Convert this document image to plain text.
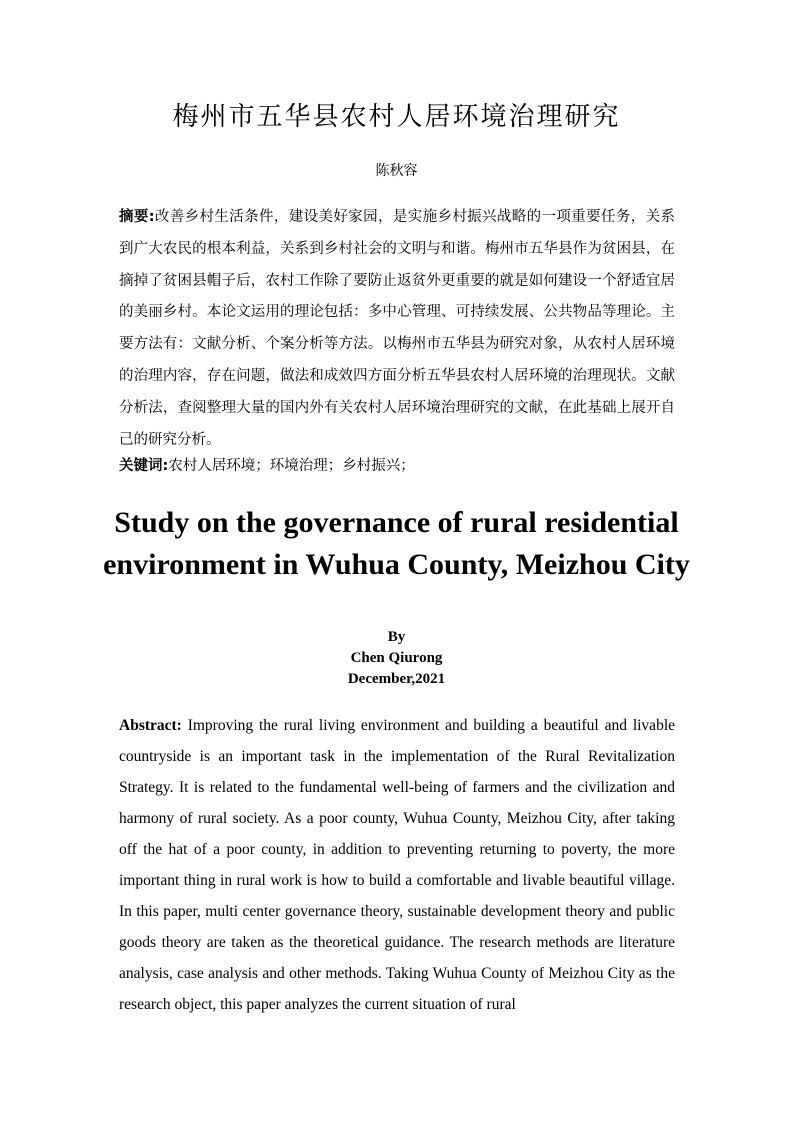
梅州市五华县农村人居环境治理研究
陈秋容

摘要:改善乡村生活条件，建设美好家园，是实施乡村振兴战略的一项重要任务，关系到广大农民的根本利益，关系到乡村社会的文明与和谐。梅州市五华县作为贫困县，在摘掉了贫困县帽子后，农村工作除了要防止返贫外更重要的就是如何建设一个舒适宜居的美丽乡村。本论文运用的理论包括：多中心管理、可持续发展、公共物品等理论。主要方法有：文献分析、个案分析等方法。以梅州市五华县为研究对象，从农村人居环境的治理内容，存在问题，做法和成效四方面分析五华县农村人居环境的治理现状。文献分析法，查阅整理大量的国内外有关农村人居环境治理研究的文献，在此基础上展开自己的研究分析。

关键词:农村人居环境；环境治理；乡村振兴；

Study on the governance of rural residential environment in Wuhua County, Meizhou City
By
Chen Qiurong
December,2021

Abstract: Improving the rural living environment and building a beautiful and livable countryside is an important task in the implementation of the Rural Revitalization Strategy. It is related to the fundamental well-being of farmers and the civilization and harmony of rural society. As a poor county, Wuhua County, Meizhou City, after taking off the hat of a poor county, in addition to preventing returning to poverty, the more important thing in rural work is how to build a comfortable and livable beautiful village. In this paper, multi center governance theory, sustainable development theory and public goods theory are taken as the theoretical guidance. The research methods are literature analysis, case analysis and other methods. Taking Wuhua County of Meizhou City as the research object, this paper analyzes the current situation of rural
